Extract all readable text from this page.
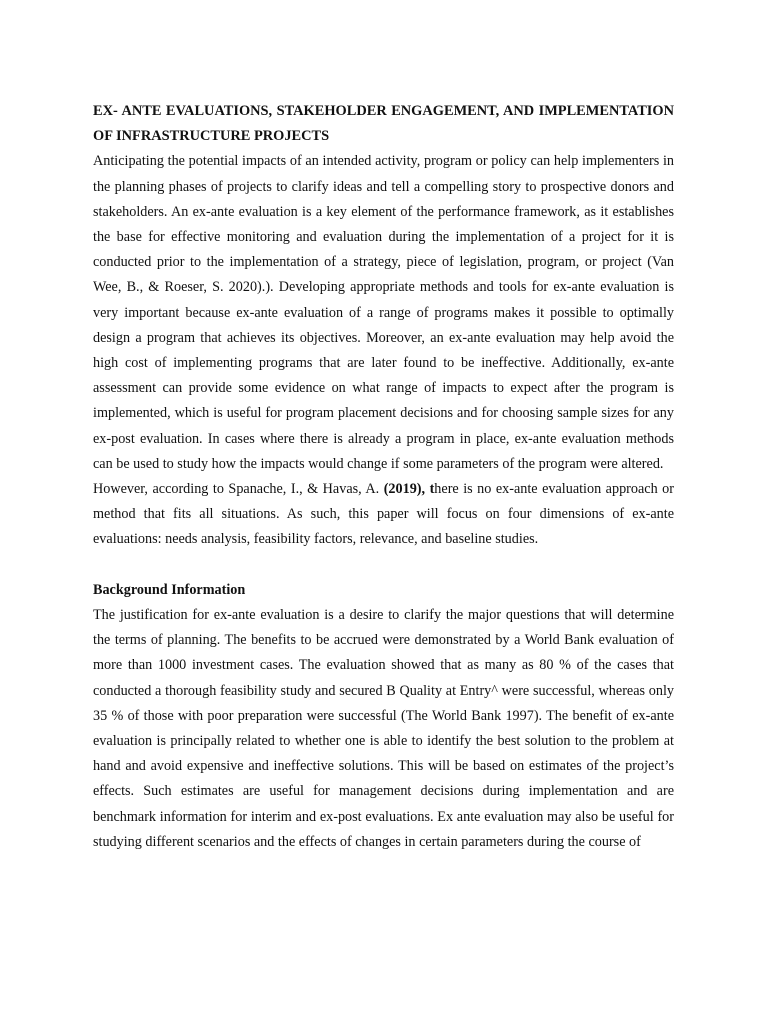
EX- ANTE EVALUATIONS, STAKEHOLDER ENGAGEMENT, AND IMPLEMENTATION OF INFRASTRUCTURE PROJECTS

Anticipating the potential impacts of an intended activity, program or policy can help implementers in the planning phases of projects to clarify ideas and tell a compelling story to prospective donors and stakeholders. An ex-ante evaluation is a key element of the performance framework, as it establishes the base for effective monitoring and evaluation during the implementation of a project for it is conducted prior to the implementation of a strategy, piece of legislation, program, or project (Van Wee, B., & Roeser, S. 2020).). Developing appropriate methods and tools for ex-ante evaluation is very important because ex-ante evaluation of a range of programs makes it possible to optimally design a program that achieves its objectives. Moreover, an ex-ante evaluation may help avoid the high cost of implementing programs that are later found to be ineffective. Additionally, ex-ante assessment can provide some evidence on what range of impacts to expect after the program is implemented, which is useful for program placement decisions and for choosing sample sizes for any ex-post evaluation. In cases where there is already a program in place, ex-ante evaluation methods can be used to study how the impacts would change if some parameters of the program were altered.

However, according to Spanache, I., & Havas, A. (2019), there is no ex-ante evaluation approach or method that fits all situations. As such, this paper will focus on four dimensions of ex-ante evaluations: needs analysis, feasibility factors, relevance, and baseline studies.

Background Information

The justification for ex-ante evaluation is a desire to clarify the major questions that will determine the terms of planning. The benefits to be accrued were demonstrated by a World Bank evaluation of more than 1000 investment cases. The evaluation showed that as many as 80 % of the cases that conducted a thorough feasibility study and secured B Quality at Entry^ were successful, whereas only 35 % of those with poor preparation were successful (The World Bank 1997). The benefit of ex-ante evaluation is principally related to whether one is able to identify the best solution to the problem at hand and avoid expensive and ineffective solutions. This will be based on estimates of the project’s effects. Such estimates are useful for management decisions during implementation and are benchmark information for interim and ex-post evaluations. Ex ante evaluation may also be useful for studying different scenarios and the effects of changes in certain parameters during the course of
